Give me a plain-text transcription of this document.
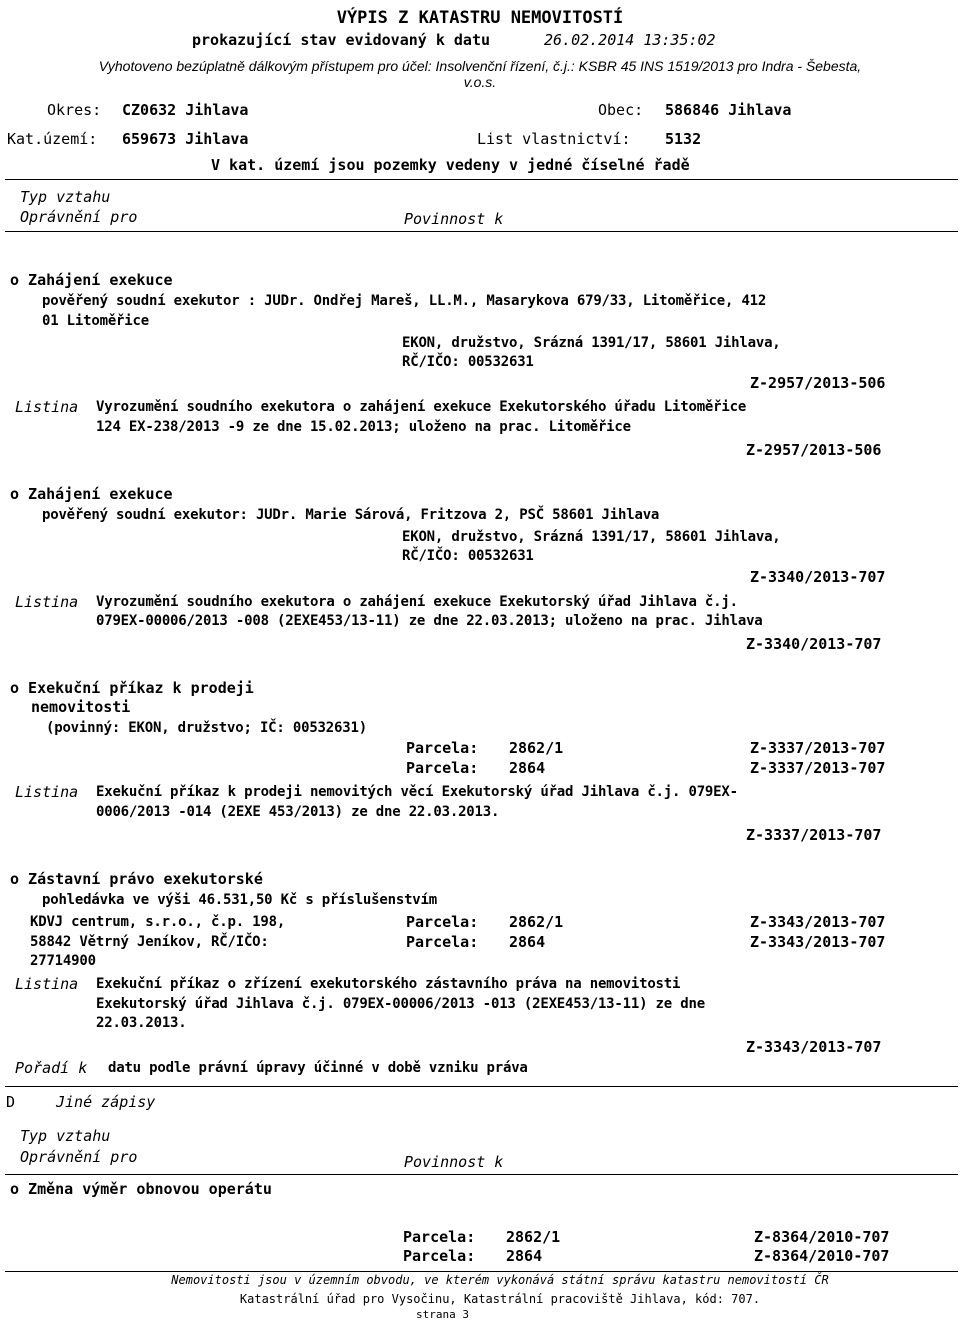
VÝPIS Z KATASTRU NEMOVITOSTÍ
prokazující stav evidovaný k datu	26.02.2014 13:35:02
Vyhotoveno bezúplatně dálkovým přístupem pro účel: Insolvenční řízení, č.j.: KSBR 45 INS 1519/2013 pro Indra - Šebesta,
v.o.s.
Okres: CZ0632 Jihlava	Obec: 586846 Jihlava
Kat.území: 659673 Jihlava	List vlastnictví: 5132
V kat. území jsou pozemky vedeny v jedné číselné řadě
Typ vztahu
Oprávnění pro	Povinnost k
o Zahájení exekuce
pověřený soudní exekutor : JUDr. Ondřej Mareš, LL.M., Masarykova 679/33, Litoměřice, 412
01 Litoměřice
EKON, družstvo, Srázná 1391/17, 58601 Jihlava,
RČ/IČO: 00532631
Z-2957/2013-506
Listina Vyrozumění soudního exekutora o zahájení exekuce Exekutorského úřadu Litoměřice
124 EX-238/2013 -9 ze dne 15.02.2013; uloženo na prac. Litoměřice
Z-2957/2013-506
o Zahájení exekuce
pověřený soudní exekutor: JUDr. Marie Sárová, Fritzova 2, PSČ 58601 Jihlava
EKON, družstvo, Srázná 1391/17, 58601 Jihlava,
RČ/IČO: 00532631
Z-3340/2013-707
Listina Vyrozumění soudního exekutora o zahájení exekuce Exekutorský úřad Jihlava č.j.
079EX-00006/2013 -008 (2EXE453/13-11) ze dne 22.03.2013; uloženo na prac. Jihlava
Z-3340/2013-707
o Exekuční příkaz k prodeji
nemovitosti
(povinný: EKON, družstvo; IČ: 00532631)
Parcela: 2862/1	Z-3337/2013-707
Parcela: 2864	Z-3337/2013-707
Listina Exekuční příkaz k prodeji nemovitých věcí Exekutorský úřad Jihlava č.j. 079EX-
0006/2013 -014 (2EXE 453/2013) ze dne 22.03.2013.
Z-3337/2013-707
o Zástavní právo exekutorské
pohledávka ve výši 46.531,50 Kč s příslušenstvím
KDVJ centrum, s.r.o., č.p. 198,
58842 Větrný Jeníkov, RČ/IČO:
27714900
Parcela: 2862/1	Z-3343/2013-707
Parcela: 2864	Z-3343/2013-707
Listina Exekuční příkaz o zřízení exekutorského zástavního práva na nemovitosti
Exekutorský úřad Jihlava č.j. 079EX-00006/2013 -013 (2EXE453/13-11) ze dne
22.03.2013.
Z-3343/2013-707
Pořadí k datu podle právní úpravy účinné v době vzniku práva
D	Jiné zápisy
Typ vztahu
Oprávnění pro	Povinnost k
o Změna výměr obnovou operátu
Parcela: 2862/1	Z-8364/2010-707
Parcela: 2864	Z-8364/2010-707
Nemovitosti jsou v územním obvodu, ve kterém vykonává státní správu katastru nemovitostí ČR
Katastrální úřad pro Vysočinu, Katastrální pracoviště Jihlava, kód: 707.
strana 3
